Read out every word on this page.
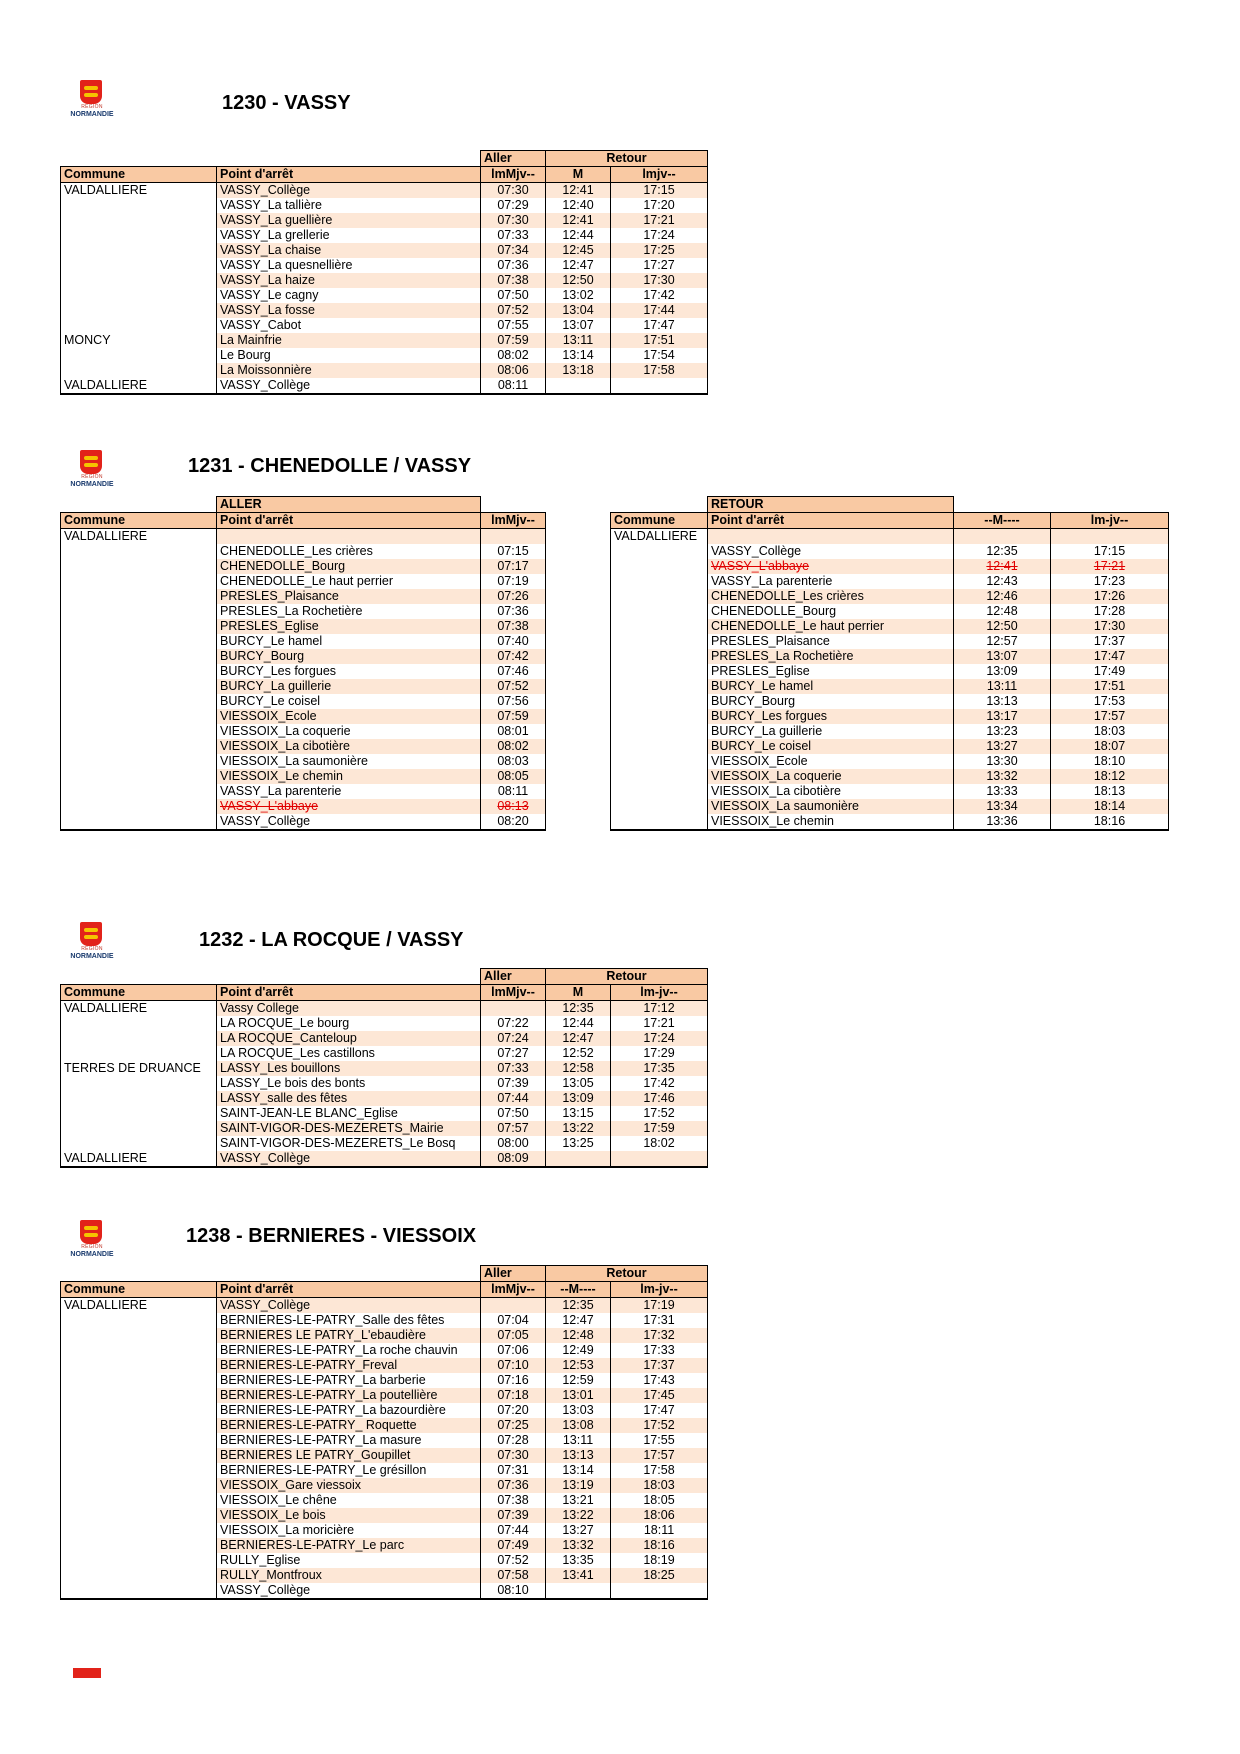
RÉGION
NORMANDIE
1230 - VASSY
		Aller	Retour	
Commune	Point d'arrêt	lmMjv--	M	lmjv--
VALDALLIERE	VASSY_Collège	07:30	12:41	17:15
	VASSY_La tallière	07:29	12:40	17:20
	VASSY_La guellière	07:30	12:41	17:21
	VASSY_La grellerie	07:33	12:44	17:24
	VASSY_La chaise	07:34	12:45	17:25
	VASSY_La quesnellière	07:36	12:47	17:27
	VASSY_La haize	07:38	12:50	17:30
	VASSY_Le cagny	07:50	13:02	17:42
	VASSY_La fosse	07:52	13:04	17:44
	VASSY_Cabot	07:55	13:07	17:47
MONCY	La Mainfrie	07:59	13:11	17:51
	Le Bourg	08:02	13:14	17:54
	La Moissonnière	08:06	13:18	17:58
VALDALLIERE	VASSY_Collège	08:11		
RÉGION
NORMANDIE
1231 - CHENEDOLLE / VASSY
	ALLER	
Commune	Point d'arrêt	lmMjv--
VALDALLIERE		
	CHENEDOLLE_Les crières	07:15
	CHENEDOLLE_Bourg	07:17
	CHENEDOLLE_Le haut perrier	07:19
	PRESLES_Plaisance	07:26
	PRESLES_La Rochetière	07:36
	PRESLES_Eglise	07:38
	BURCY_Le hamel	07:40
	BURCY_Bourg	07:42
	BURCY_Les forgues	07:46
	BURCY_La guillerie	07:52
	BURCY_Le coisel	07:56
	VIESSOIX_Ecole	07:59
	VIESSOIX_La coquerie	08:01
	VIESSOIX_La cibotière	08:02
	VIESSOIX_La saumonière	08:03
	VIESSOIX_Le chemin	08:05
	VASSY_La parenterie	08:11
	VASSY_L'abbaye	08:13
	VASSY_Collège	08:20
	RETOUR		
Commune	Point d'arrêt	--M----	lm-jv--
VALDALLIERE			
	VASSY_Collège	12:35	17:15
	VASSY_L'abbaye	12:41	17:21
	VASSY_La parenterie	12:43	17:23
	CHENEDOLLE_Les crières	12:46	17:26
	CHENEDOLLE_Bourg	12:48	17:28
	CHENEDOLLE_Le haut perrier	12:50	17:30
	PRESLES_Plaisance	12:57	17:37
	PRESLES_La Rochetière	13:07	17:47
	PRESLES_Eglise	13:09	17:49
	BURCY_Le hamel	13:11	17:51
	BURCY_Bourg	13:13	17:53
	BURCY_Les forgues	13:17	17:57
	BURCY_La guillerie	13:23	18:03
	BURCY_Le coisel	13:27	18:07
	VIESSOIX_Ecole	13:30	18:10
	VIESSOIX_La coquerie	13:32	18:12
	VIESSOIX_La cibotière	13:33	18:13
	VIESSOIX_La saumonière	13:34	18:14
	VIESSOIX_Le chemin	13:36	18:16
RÉGION
NORMANDIE
1232 - LA ROCQUE / VASSY
		Aller	Retour	
Commune	Point d'arrêt	lmMjv--	M	lm-jv--
VALDALLIERE	Vassy College		12:35	17:12
	LA ROCQUE_Le bourg	07:22	12:44	17:21
	LA ROCQUE_Canteloup	07:24	12:47	17:24
	LA ROCQUE_Les castillons	07:27	12:52	17:29
TERRES DE DRUANCE	LASSY_Les bouillons	07:33	12:58	17:35
	LASSY_Le bois des bonts	07:39	13:05	17:42
	LASSY_salle des fêtes	07:44	13:09	17:46
	SAINT-JEAN-LE BLANC_Eglise	07:50	13:15	17:52
	SAINT-VIGOR-DES-MEZERETS_Mairie	07:57	13:22	17:59
	SAINT-VIGOR-DES-MEZERETS_Le Bosq	08:00	13:25	18:02
VALDALLIERE	VASSY_Collège	08:09		
RÉGION
NORMANDIE
1238 - BERNIERES - VIESSOIX
		Aller	Retour	
Commune	Point d'arrêt	lmMjv--	--M----	lm-jv--
VALDALLIERE	VASSY_Collège		12:35	17:19
	BERNIERES-LE-PATRY_Salle des fêtes	07:04	12:47	17:31
	BERNIERES LE PATRY_L'ebaudière	07:05	12:48	17:32
	BERNIERES-LE-PATRY_La roche chauvin	07:06	12:49	17:33
	BERNIERES-LE-PATRY_Freval	07:10	12:53	17:37
	BERNIERES-LE-PATRY_La barberie	07:16	12:59	17:43
	BERNIERES-LE-PATRY_La poutellière	07:18	13:01	17:45
	BERNIERES-LE-PATRY_La bazourdière	07:20	13:03	17:47
	BERNIERES-LE-PATRY_ Roquette	07:25	13:08	17:52
	BERNIERES-LE-PATRY_La masure	07:28	13:11	17:55
	BERNIERES LE PATRY_Goupillet	07:30	13:13	17:57
	BERNIERES-LE-PATRY_Le grésillon	07:31	13:14	17:58
	VIESSOIX_Gare viessoix	07:36	13:19	18:03
	VIESSOIX_Le chêne	07:38	13:21	18:05
	VIESSOIX_Le bois	07:39	13:22	18:06
	VIESSOIX_La moricière	07:44	13:27	18:11
	BERNIERES-LE-PATRY_Le parc	07:49	13:32	18:16
	RULLY_Eglise	07:52	13:35	18:19
	RULLY_Montfroux	07:58	13:41	18:25
	VASSY_Collège	08:10		
